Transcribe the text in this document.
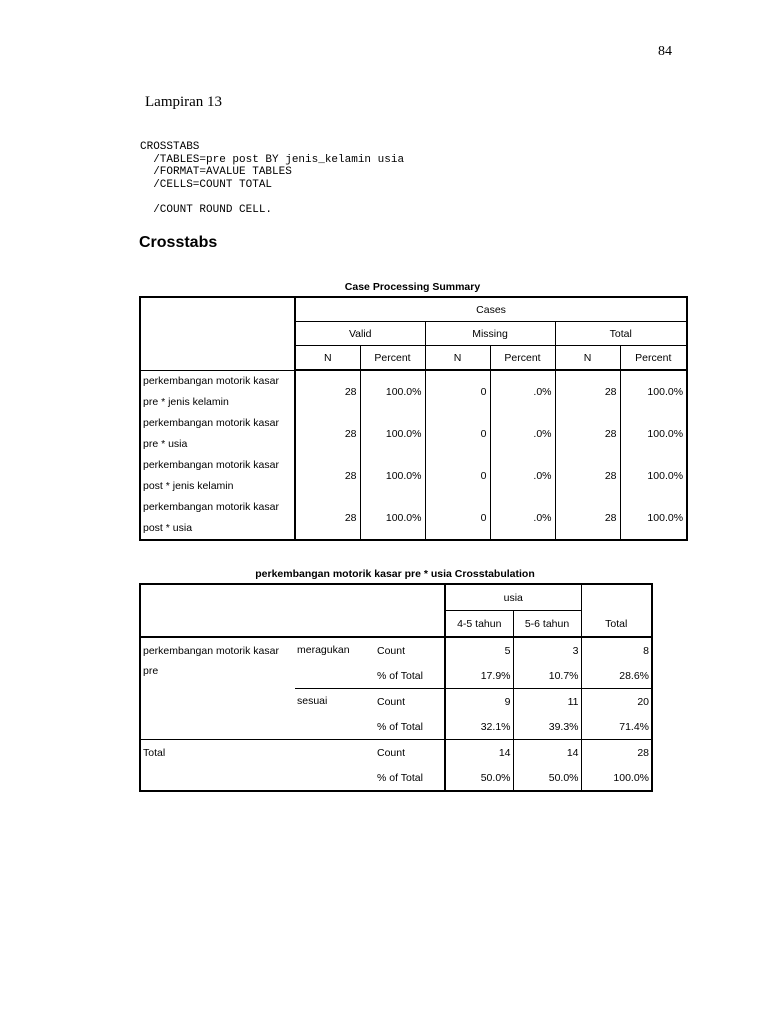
84
Lampiran 13
CROSSTABS
/TABLES=pre post BY jenis_kelamin usia
/FORMAT=AVALUE TABLES
/CELLS=COUNT TOTAL

/COUNT ROUND CELL.
Crosstabs
Case Processing Summary
	Cases					
	Valid		Missing		Total	
	N	Percent	N	Percent	N	Percent
perkembangan motorik kasar
pre * jenis kelamin	28	100.0%	0	.0%	28	100.0%
perkembangan motorik kasar
pre * usia	28	100.0%	0	.0%	28	100.0%
perkembangan motorik kasar
post * jenis kelamin	28	100.0%	0	.0%	28	100.0%
perkembangan motorik kasar
post * usia	28	100.0%	0	.0%	28	100.0%
perkembangan motorik kasar pre * usia Crosstabulation
			usia		Total
			4-5 tahun	5-6 tahun	
perkembangan motorik kasar
pre	meragukan	Count	5	3	8
		% of Total	17.9%	10.7%	28.6%
	sesuai	Count	9	11	20
		% of Total	32.1%	39.3%	71.4%
Total		Count	14	14	28
		% of Total	50.0%	50.0%	100.0%
